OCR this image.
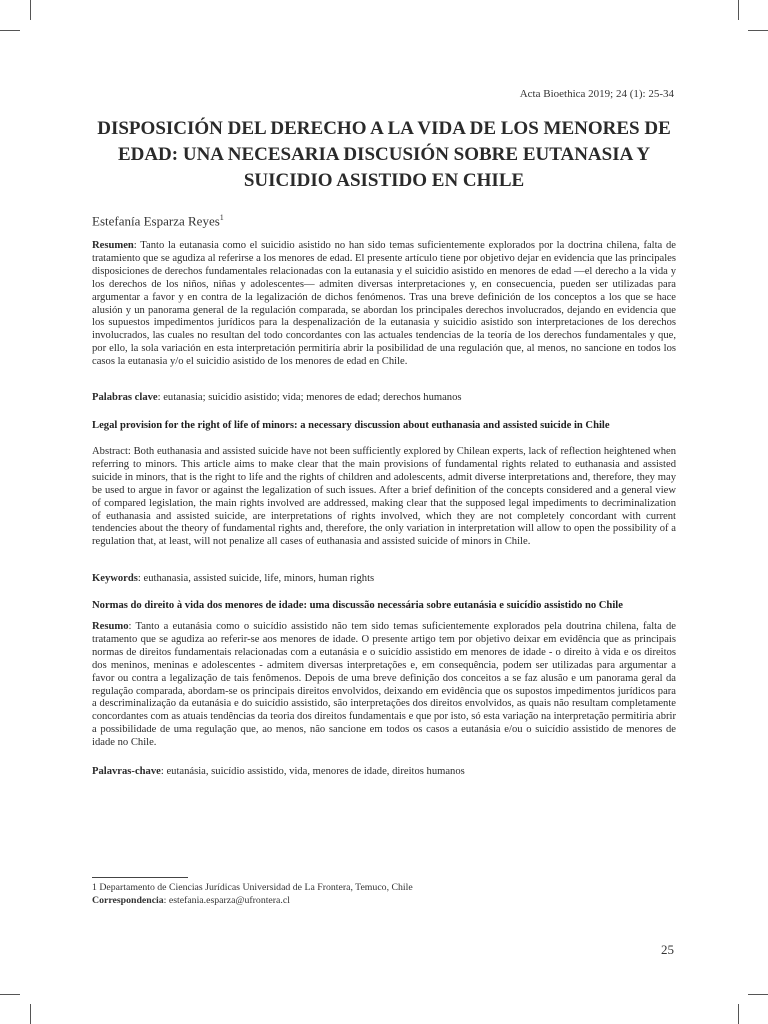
Acta Bioethica 2019; 24 (1): 25-34
DISPOSICIÓN DEL DERECHO A LA VIDA DE LOS MENORES DE EDAD: UNA NECESARIA DISCUSIÓN SOBRE EUTANASIA Y SUICIDIO ASISTIDO EN CHILE
Estefanía Esparza Reyes$^1$

Resumen: Tanto la eutanasia como el suicidio asistido no han sido temas suficientemente explorados por la doctrina chilena, falta de tratamiento que se agudiza al referirse a los menores de edad. El presente artículo tiene por objetivo dejar en evidencia que las principales disposiciones de derechos fundamentales relacionadas con la eutanasia y el suicidio asistido en menores de edad —el derecho a la vida y los derechos de los niños, niñas y adolescentes— admiten diversas interpretaciones y, en consecuencia, pueden ser utilizadas para argumentar a favor y en contra de la legalización de dichos fenómenos. Tras una breve definición de los conceptos a los que se hace alusión y un panorama general de la regulación comparada, se abordan los principales derechos involucrados, dejando en evidencia que los supuestos impedimentos jurídicos para la despenalización de la eutanasia y suicidio asistido son interpretaciones de los derechos involucrados, las cuales no resultan del todo concordantes con las actuales tendencias de la teoría de los derechos fundamentales y que, por ello, la sola variación en esta interpretación permitiría abrir la posibilidad de una regulación que, al menos, no sancione en todos los casos la eutanasia y/o el suicidio asistido de los menores de edad en Chile.

Palabras clave: eutanasia; suicidio asistido; vida; menores de edad; derechos humanos

Legal provision for the right of life of minors: a necessary discussion about euthanasia and assisted suicide in Chile

Abstract: Both euthanasia and assisted suicide have not been sufficiently explored by Chilean experts, lack of reflection heightened when referring to minors. This article aims to make clear that the main provisions of fundamental rights related to euthanasia and assisted suicide in minors, that is the right to life and the rights of children and adolescents, admit diverse interpretations and, therefore, they may be used to argue in favor or against the legalization of such issues. After a brief definition of the concepts considered and a general view of compared legislation, the main rights involved are addressed, making clear that the supposed legal impediments to decriminalization of euthanasia and assisted suicide, are interpretations of rights involved, which they are not completely concordant with current tendencies about the theory of fundamental rights and, therefore, the only variation in interpretation will allow to open the possibility of a regulation that, at least, will not penalize all cases of euthanasia and assisted suicide of minors in Chile.

Keywords: euthanasia, assisted suicide, life, minors, human rights

Normas do direito à vida dos menores de idade: uma discussão necessária sobre eutanásia e suicídio assistido no Chile

Resumo: Tanto a eutanásia como o suicídio assistido não tem sido temas suficientemente explorados pela doutrina chilena, falta de tratamento que se agudiza ao referir-se aos menores de idade. O presente artigo tem por objetivo deixar em evidência que as principais normas de direitos fundamentais relacionadas com a eutanásia e o suicídio assistido em menores de idade - o direito à vida e os direitos dos meninos, meninas e adolescentes - admitem diversas interpretações e, em consequência, podem ser utilizadas para argumentar a favor ou contra a legalização de tais fenômenos. Depois de uma breve definição dos conceitos a se faz alusão e um panorama geral da regulação comparada, abordam-se os principais direitos envolvidos, deixando em evidência que os supostos impedimentos jurídicos para a descriminalização da eutanásia e do suicídio assistido, são interpretações dos direitos envolvidos, as quais não resultam completamente concordantes com as atuais tendências da teoria dos direitos fundamentais e que por isto, só esta variação na interpretação permitiria abrir a possibilidade de uma regulação que, ao menos, não sancione em todos os casos a eutanásia e/ou o suicídio assistido de menores de idade no Chile.

Palavras-chave: eutanásia, suicídio assistido, vida, menores de idade, direitos humanos

1 Departamento de Ciencias Jurídicas Universidad de La Frontera, Temuco, Chile

Correspondencia: estefania.esparza@ufrontera.cl

25
